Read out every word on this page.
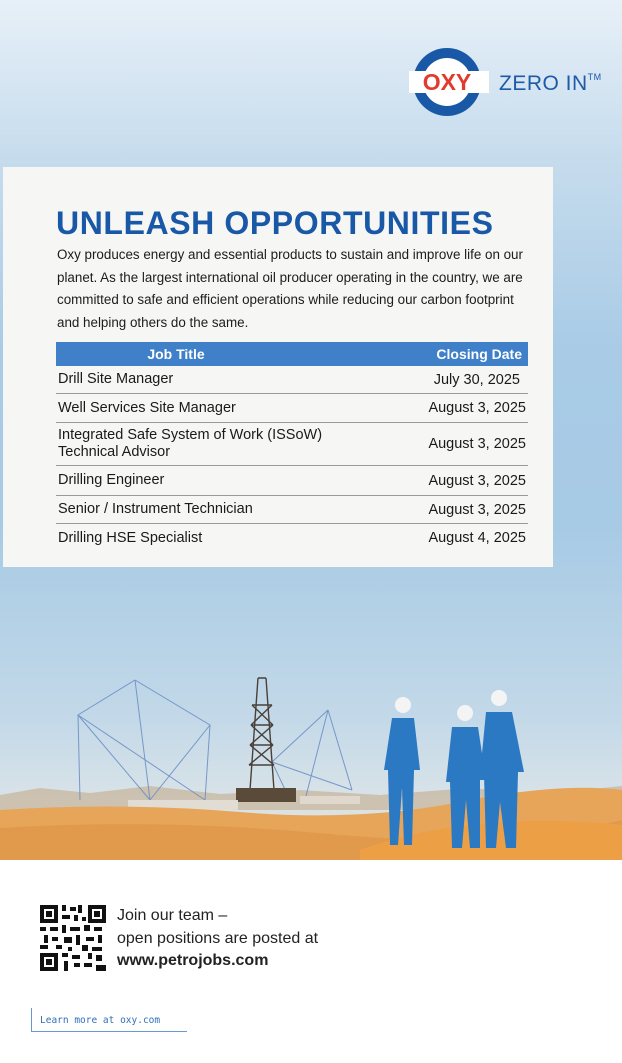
OXY ZERO IN™
UNLEASH OPPORTUNITIES

Oxy produces energy and essential products to sustain and improve life on our planet. As the largest international oil producer operating in the country, we are committed to safe and efficient operations while reducing our carbon footprint and helping others do the same.

Job Title	Closing Date
Drill Site Manager	July 30, 2025
Well Services Site Manager	August 3, 2025
Integrated Safe System of Work (ISSoW) Technical Advisor	August 3, 2025
Drilling Engineer	August 3, 2025
Senior / Instrument Technician	August 3, 2025
Drilling HSE Specialist	August 4, 2025
Join our team –
open positions are posted at
www.petrojobs.com
Learn more at oxy.com
